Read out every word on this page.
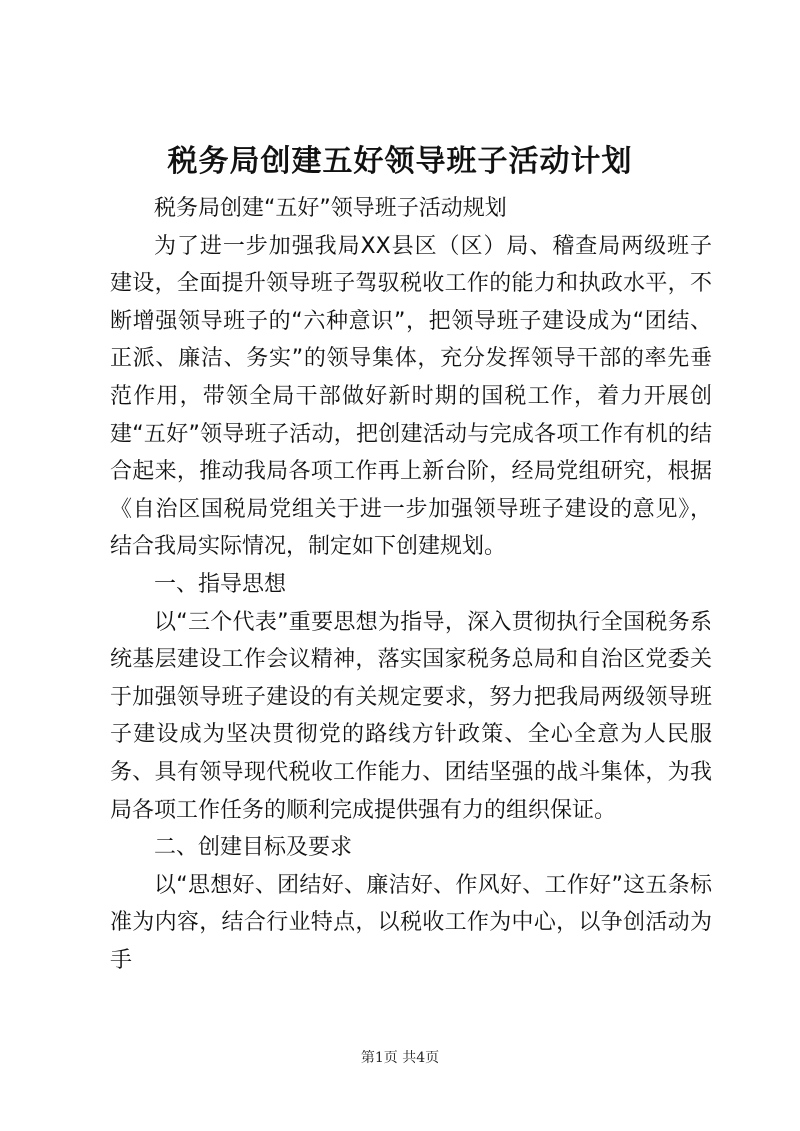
税务局创建五好领导班子活动计划

税务局创建“五好”领导班子活动规划

为了进一步加强我局XX县区（区）局、稽查局两级班子建设，全面提升领导班子驾驭税收工作的能力和执政水平，不断增强领导班子的“六种意识”，把领导班子建设成为“团结、正派、廉洁、务实”的领导集体，充分发挥领导干部的率先垂范作用，带领全局干部做好新时期的国税工作，着力开展创建“五好”领导班子活动，把创建活动与完成各项工作有机的结合起来，推动我局各项工作再上新台阶，经局党组研究，根据《自治区国税局党组关于进一步加强领导班子建设的意见》，结合我局实际情况，制定如下创建规划。

一、指导思想

以“三个代表”重要思想为指导，深入贯彻执行全国税务系统基层建设工作会议精神，落实国家税务总局和自治区党委关于加强领导班子建设的有关规定要求，努力把我局两级领导班子建设成为坚决贯彻党的路线方针政策、全心全意为人民服务、具有领导现代税收工作能力、团结坚强的战斗集体，为我局各项工作任务的顺利完成提供强有力的组织保证。

二、创建目标及要求

以“思想好、团结好、廉洁好、作风好、工作好”这五条标准为内容，结合行业特点，以税收工作为中心，以争创活动为手

第1页 共4页
